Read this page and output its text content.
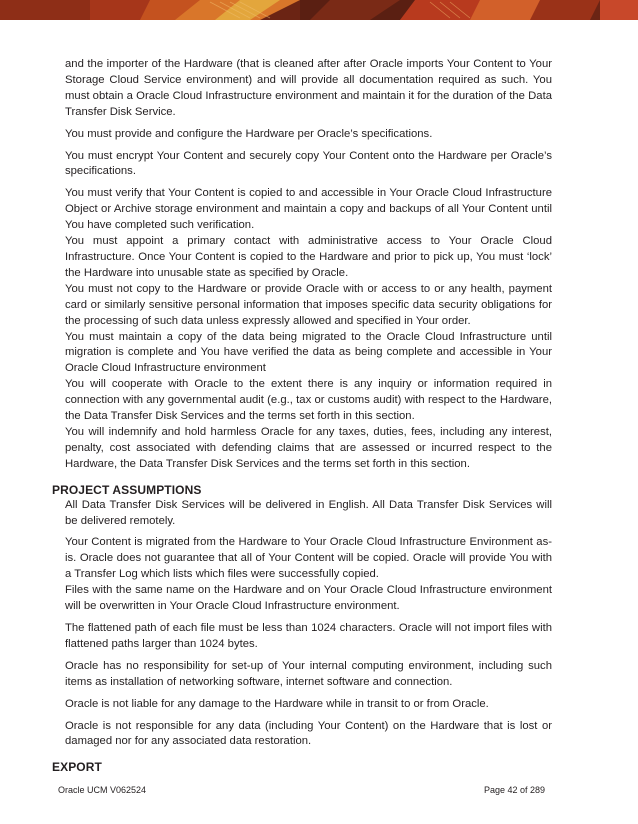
and the importer of the Hardware (that is cleaned after after Oracle imports Your Content to Your Storage Cloud Service environment) and will provide all documentation required as such. You must obtain a Oracle Cloud Infrastructure environment and maintain it for the duration of the Data Transfer Disk Service.

You must provide and configure the Hardware per Oracle’s specifications.

You must encrypt Your Content and securely copy Your Content onto the Hardware per Oracle’s specifications.

You must verify that Your Content is copied to and accessible in Your Oracle Cloud Infrastructure Object or Archive storage environment and maintain a copy and backups of all Your Content until You have completed such verification.

You must appoint a primary contact with administrative access to Your Oracle Cloud Infrastructure. Once Your Content is copied to the Hardware and prior to pick up, You must ‘lock’ the Hardware into unusable state as specified by Oracle.

You must not copy to the Hardware or provide Oracle with or access to or any health, payment card or similarly sensitive personal information that imposes specific data security obligations for the processing of such data unless expressly allowed and specified in Your order.

You must maintain a copy of the data being migrated to the Oracle Cloud Infrastructure until migration is complete and You have verified the data as being complete and accessible in Your Oracle Cloud Infrastructure environment

You will cooperate with Oracle to the extent there is any inquiry or information required in connection with any governmental audit (e.g., tax or customs audit) with respect to the Hardware, the Data Transfer Disk Services and the terms set forth in this section.

You will indemnify and hold harmless Oracle for any taxes, duties, fees, including any interest, penalty, cost associated with defending claims that are assessed or incurred respect to the Hardware, the Data Transfer Disk Services and the terms set forth in this section.

PROJECT ASSUMPTIONS

All Data Transfer Disk Services will be delivered in English. All Data Transfer Disk Services will be delivered remotely.

Your Content is migrated from the Hardware to Your Oracle Cloud Infrastructure Environment as-is. Oracle does not guarantee that all of Your Content will be copied. Oracle will provide You with a Transfer Log which lists which files were successfully copied.

Files with the same name on the Hardware and on Your Oracle Cloud Infrastructure environment will be overwritten in Your Oracle Cloud Infrastructure environment.

The flattened path of each file must be less than 1024 characters. Oracle will not import files with flattened paths larger than 1024 bytes.

Oracle has no responsibility for set-up of Your internal computing environment, including such items as installation of networking software, internet software and connection.

Oracle is not liable for any damage to the Hardware while in transit to or from Oracle.

Oracle is not responsible for any data (including Your Content) on the Hardware that is lost or damaged nor for any associated data restoration.

EXPORT
Oracle UCM V062524	Page 42 of 289
